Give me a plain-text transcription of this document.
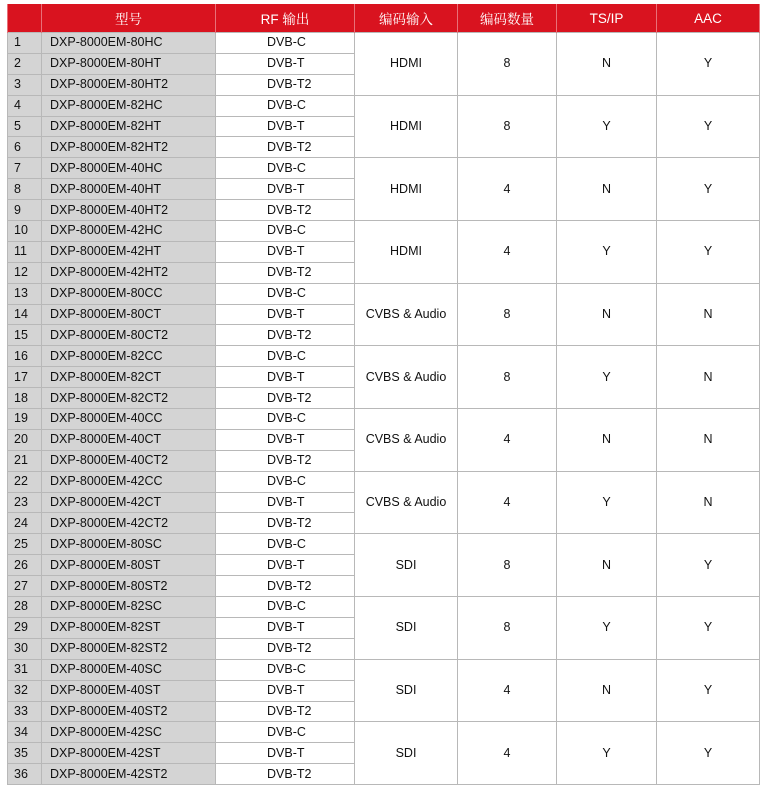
	型号	RF 输出	编码输入	编码数量	TS/IP	AAC
1	DXP-8000EM-80HC	DVB-C	HDMI	8	N	Y
2	DXP-8000EM-80HT	DVB-T				
3	DXP-8000EM-80HT2	DVB-T2				
4	DXP-8000EM-82HC	DVB-C	HDMI	8	Y	Y
5	DXP-8000EM-82HT	DVB-T				
6	DXP-8000EM-82HT2	DVB-T2				
7	DXP-8000EM-40HC	DVB-C	HDMI	4	N	Y
8	DXP-8000EM-40HT	DVB-T				
9	DXP-8000EM-40HT2	DVB-T2				
10	DXP-8000EM-42HC	DVB-C	HDMI	4	Y	Y
11	DXP-8000EM-42HT	DVB-T				
12	DXP-8000EM-42HT2	DVB-T2				
13	DXP-8000EM-80CC	DVB-C	CVBS & Audio	8	N	N
14	DXP-8000EM-80CT	DVB-T				
15	DXP-8000EM-80CT2	DVB-T2				
16	DXP-8000EM-82CC	DVB-C	CVBS & Audio	8	Y	N
17	DXP-8000EM-82CT	DVB-T				
18	DXP-8000EM-82CT2	DVB-T2				
19	DXP-8000EM-40CC	DVB-C	CVBS & Audio	4	N	N
20	DXP-8000EM-40CT	DVB-T				
21	DXP-8000EM-40CT2	DVB-T2				
22	DXP-8000EM-42CC	DVB-C	CVBS & Audio	4	Y	N
23	DXP-8000EM-42CT	DVB-T				
24	DXP-8000EM-42CT2	DVB-T2				
25	DXP-8000EM-80SC	DVB-C	SDI	8	N	Y
26	DXP-8000EM-80ST	DVB-T				
27	DXP-8000EM-80ST2	DVB-T2				
28	DXP-8000EM-82SC	DVB-C	SDI	8	Y	Y
29	DXP-8000EM-82ST	DVB-T				
30	DXP-8000EM-82ST2	DVB-T2				
31	DXP-8000EM-40SC	DVB-C	SDI	4	N	Y
32	DXP-8000EM-40ST	DVB-T				
33	DXP-8000EM-40ST2	DVB-T2				
34	DXP-8000EM-42SC	DVB-C	SDI	4	Y	Y
35	DXP-8000EM-42ST	DVB-T				
36	DXP-8000EM-42ST2	DVB-T2				
